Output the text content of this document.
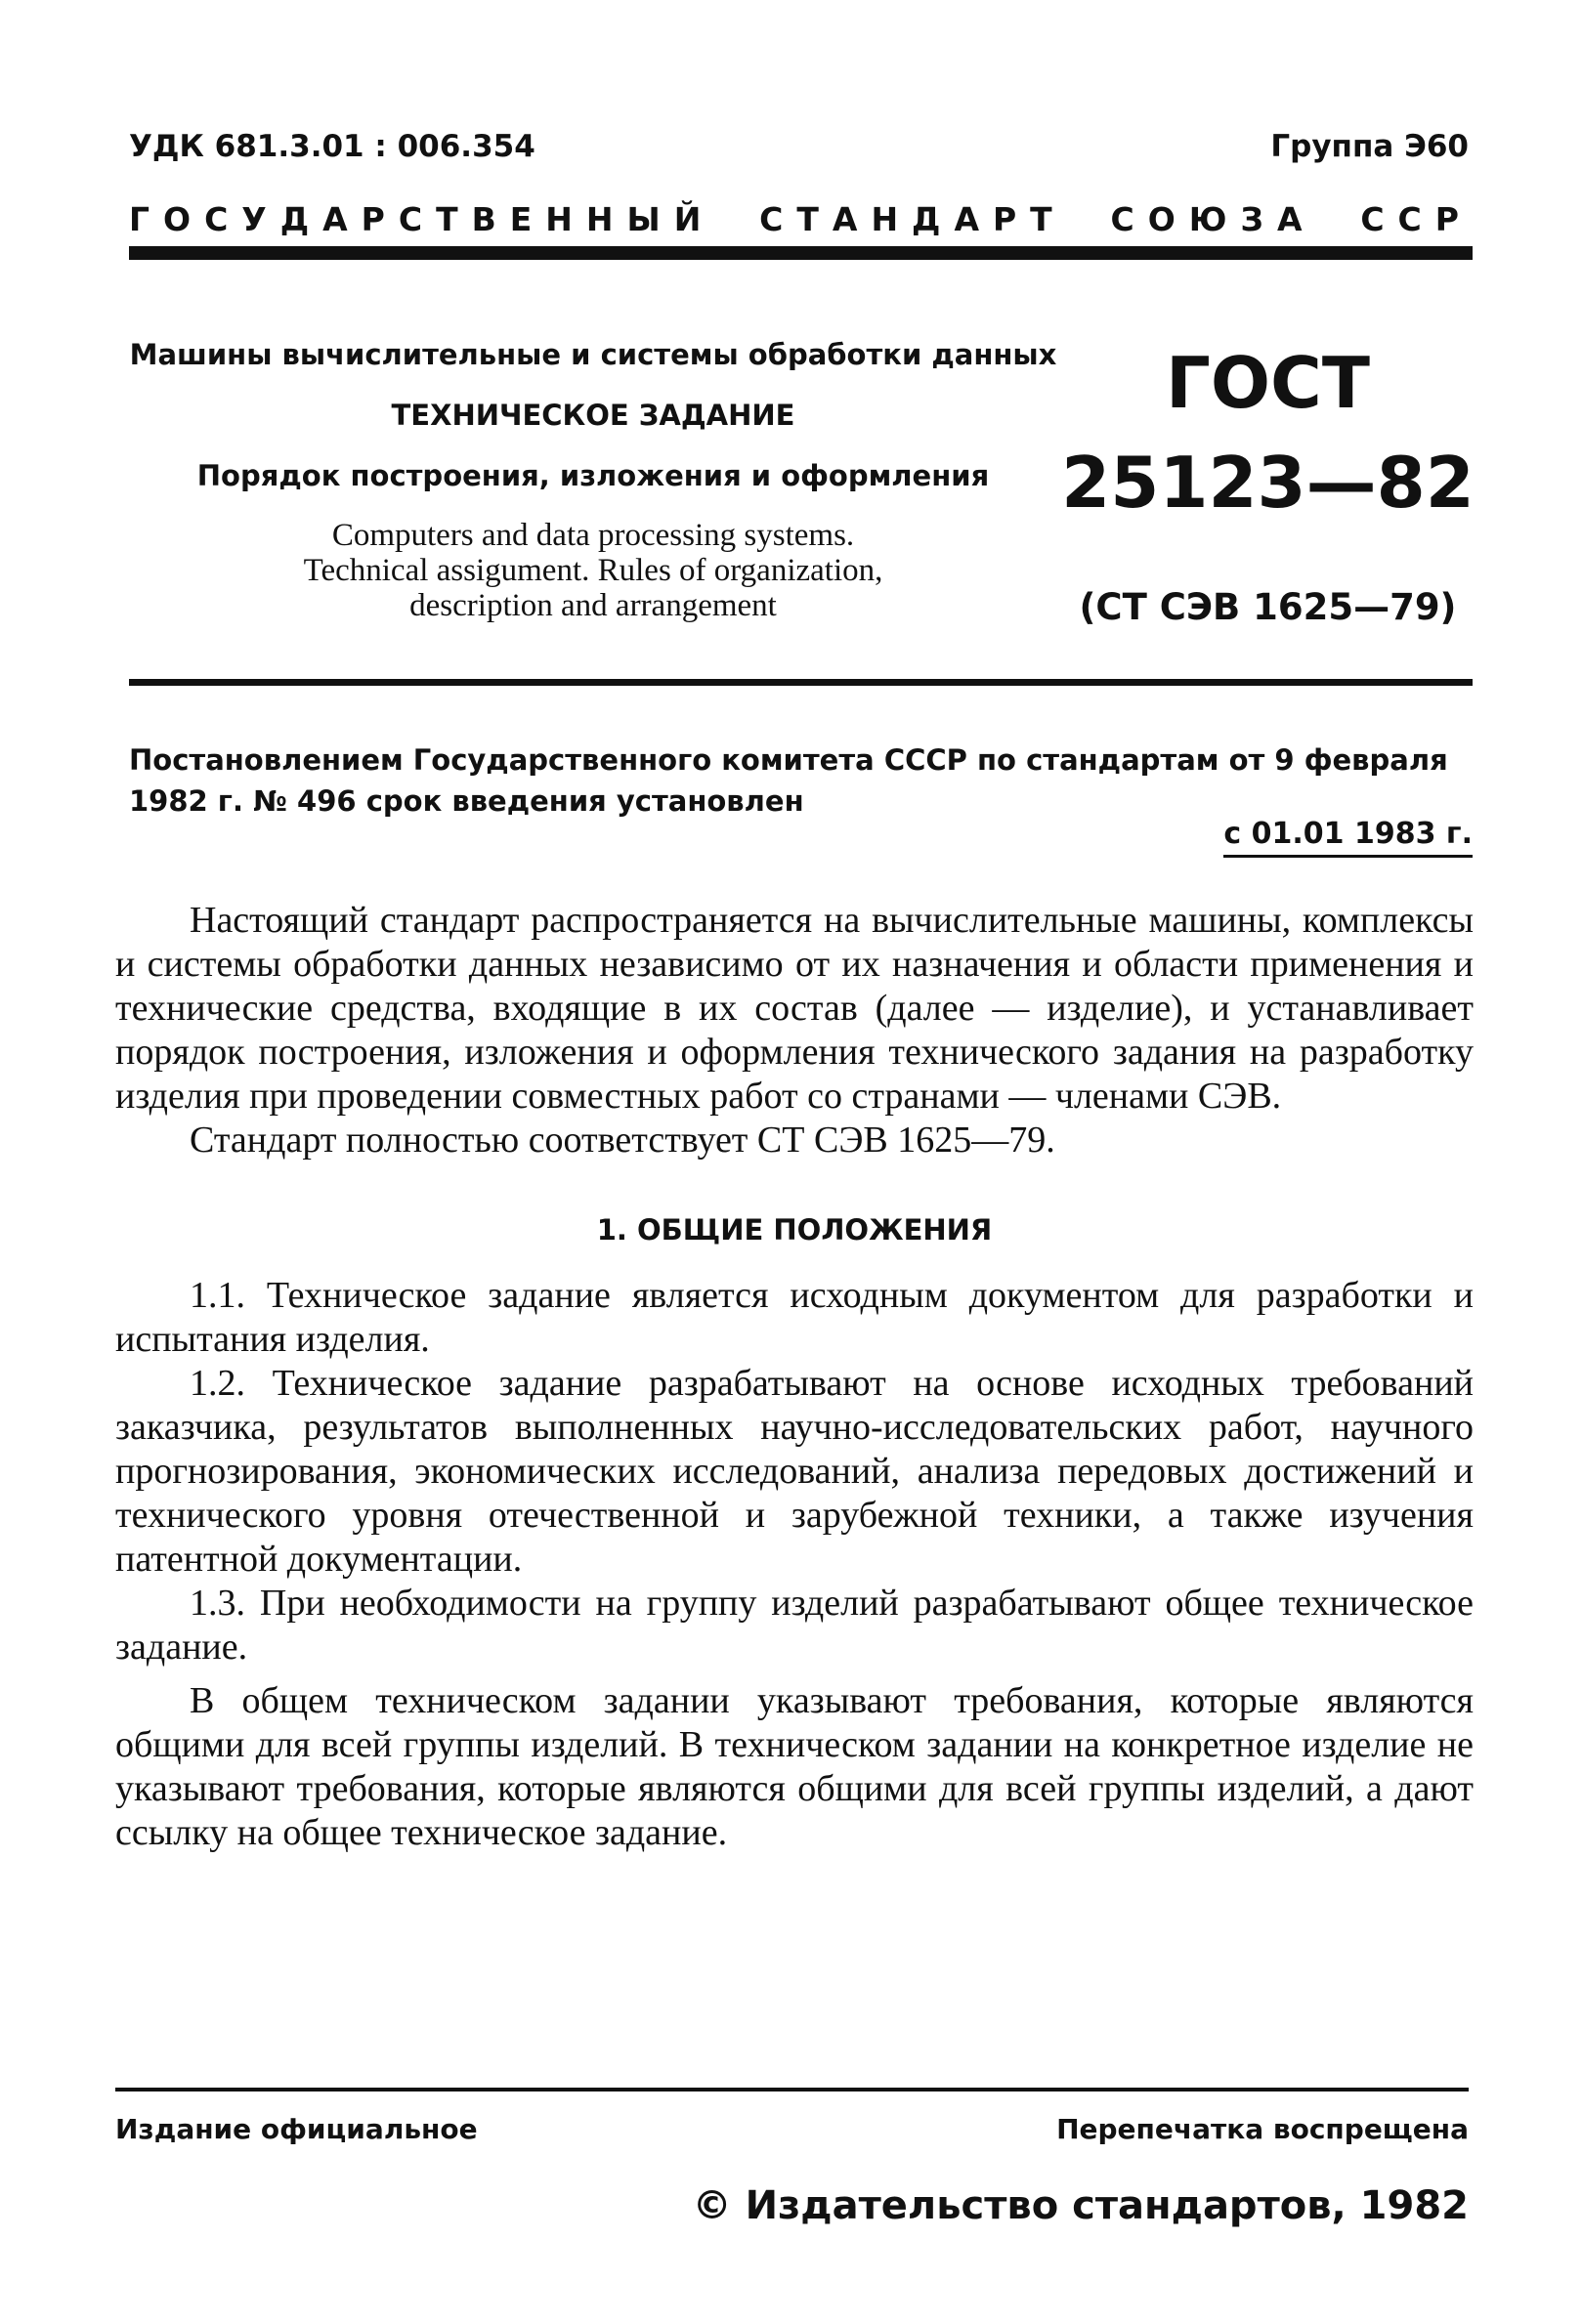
УДК 681.3.01 : 006.354	Группа Э60
ГОСУДАРСТВЕННЫЙ СТАНДАРТ СОЮЗА ССР
Машины вычислительные и системы обработки данных
ТЕХНИЧЕСКОЕ ЗАДАНИЕ
Порядок построения, изложения и оформления
Computers and data processing systems.
Technical assigument. Rules of organization,
description and arrangement
ГОСТ
25123—82
(СТ СЭВ 1625—79)
Постановлением Государственного комитета СССР по стандартам от 9 февраля 1982 г. № 496 срок введения установлен
с 01.01 1983 г.

Настоящий стандарт распространяется на вычислительные машины, комплексы и системы обработки данных независимо от их назначения и области применения и технические средства, входящие в их состав (далее — изделие), и устанавливает порядок построения, изложения и оформления технического задания на разработку изделия при проведении совместных работ со странами — членами СЭВ.

Стандарт полностью соответствует СТ СЭВ 1625—79.

1. ОБЩИЕ ПОЛОЖЕНИЯ

1.1. Техническое задание является исходным документом для разработки и испытания изделия.

1.2. Техническое задание разрабатывают на основе исходных требований заказчика, результатов выполненных научно-исследовательских работ, научного прогнозирования, экономических исследований, анализа передовых достижений и технического уровня отечественной и зарубежной техники, а также изучения патентной документации.

1.3. При необходимости на группу изделий разрабатывают общее техническое задание.

В общем техническом задании указывают требования, которые являются общими для всей группы изделий. В техническом задании на конкретное изделие не указывают требования, которые являются общими для всей группы изделий, а дают ссылку на общее техническое задание.

Издание официальное	Перепечатка воспрещена
© Издательство стандартов, 1982
